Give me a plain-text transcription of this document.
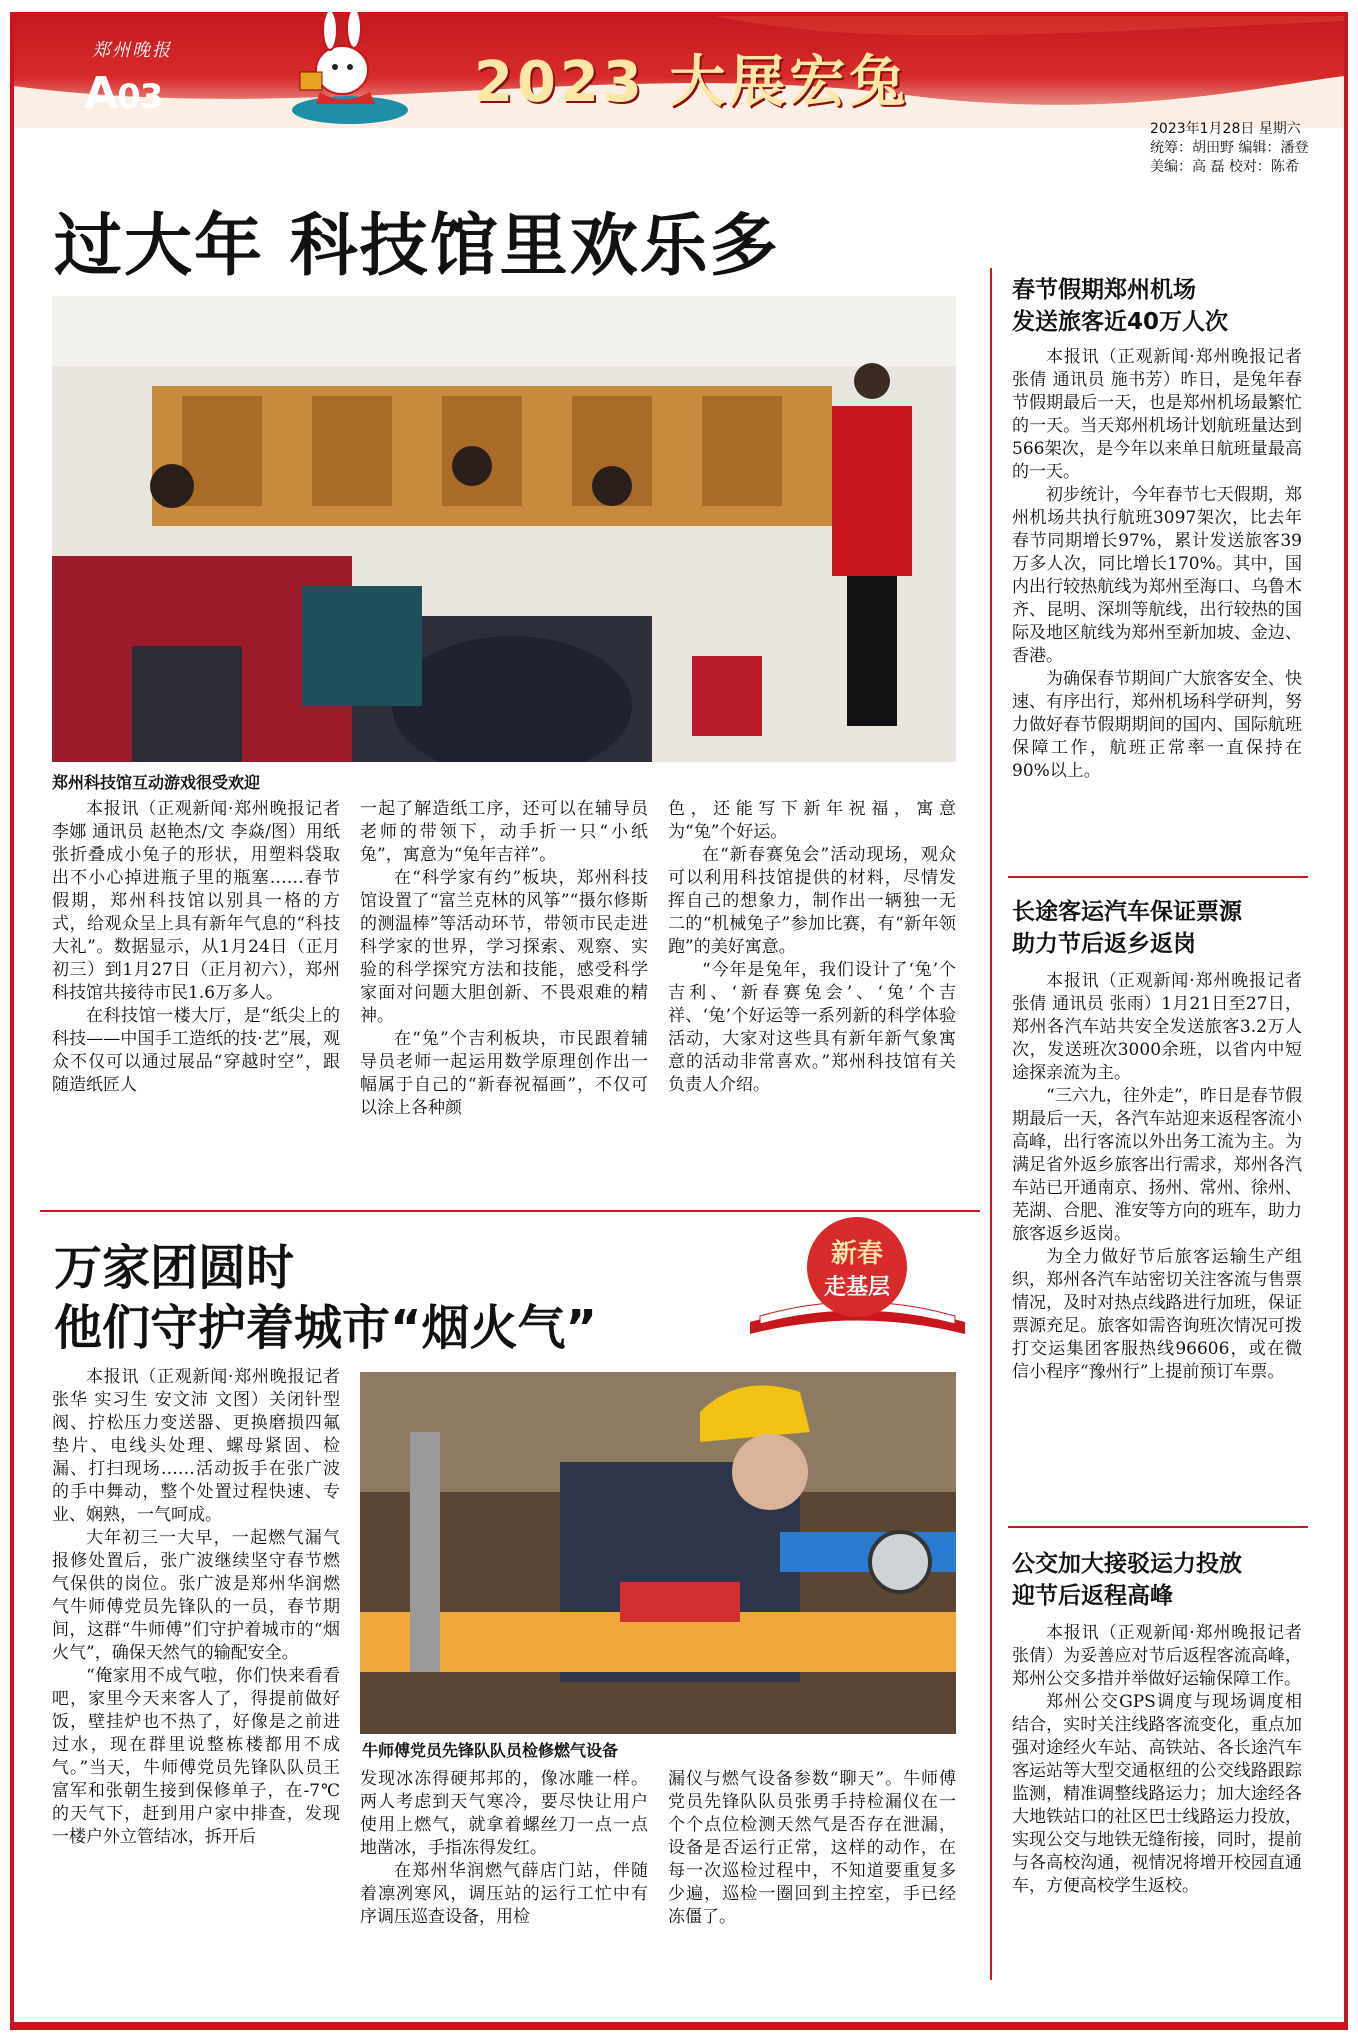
郑州晚报
A03	2023 大展宏兔
2023年1月28日 星期六
统筹：胡田野 编辑：潘登
美编：高 磊 校对：陈希
过大年 科技馆里欢乐多
郑州科技馆互动游戏很受欢迎

本报讯（正观新闻·郑州晚报记者 李娜 通讯员 赵艳杰/文 李焱/图）用纸张折叠成小兔子的形状，用塑料袋取出不小心掉进瓶子里的瓶塞……春节假期，郑州科技馆以别具一格的方式，给观众呈上具有新年气息的“科技大礼”。数据显示，从1月24日（正月初三）到1月27日（正月初六），郑州科技馆共接待市民1.6万多人。

在科技馆一楼大厅，是“纸尖上的科技——中国手工造纸的技·艺”展，观众不仅可以通过展品“穿越时空”，跟随造纸匠人

一起了解造纸工序，还可以在辅导员老师的带领下，动手折一只“小纸兔”，寓意为“兔年吉祥”。

在“科学家有约”板块，郑州科技馆设置了“富兰克林的风筝”“摄尔修斯的测温棒”等活动环节，带领市民走进科学家的世界，学习探索、观察、实验的科学探究方法和技能，感受科学家面对问题大胆创新、不畏艰难的精神。

在“兔”个吉利板块，市民跟着辅导员老师一起运用数学原理创作出一幅属于自己的“新春祝福画”，不仅可以涂上各种颜

色，还能写下新年祝福，寓意为“兔”个好运。

在“新春赛兔会”活动现场，观众可以利用科技馆提供的材料，尽情发挥自己的想象力，制作出一辆独一无二的“机械兔子”参加比赛，有“新年领跑”的美好寓意。

“今年是兔年，我们设计了‘兔’个吉利、‘新春赛兔会’、‘兔’个吉祥、‘兔’个好运等一系列新的科学体验活动，大家对这些具有新年新气象寓意的活动非常喜欢。”郑州科技馆有关负责人介绍。

万家团圆时
他们守护着城市“烟火气”
新春
走基层

本报讯（正观新闻·郑州晚报记者 张华 实习生 安文沛 文图）关闭针型阀、拧松压力变送器、更换磨损四氟垫片、电线头处理、螺母紧固、检漏、打扫现场……活动扳手在张广波的手中舞动，整个处置过程快速、专业、娴熟，一气呵成。

大年初三一大早，一起燃气漏气报修处置后，张广波继续坚守春节燃气保供的岗位。张广波是郑州华润燃气牛师傅党员先锋队的一员，春节期间，这群“牛师傅”们守护着城市的“烟火气”，确保天然气的输配安全。

“俺家用不成气啦，你们快来看看吧，家里今天来客人了，得提前做好饭，壁挂炉也不热了，好像是之前进过水，现在群里说整栋楼都用不成气。”当天，牛师傅党员先锋队队员王富军和张朝生接到保修单子，在-7℃的天气下，赶到用户家中排查，发现一楼户外立管结冰，拆开后

牛师傅党员先锋队队员检修燃气设备

发现冰冻得硬邦邦的，像冰雕一样。两人考虑到天气寒冷，要尽快让用户使用上燃气，就拿着螺丝刀一点一点地凿冰，手指冻得发红。

在郑州华润燃气薛店门站，伴随着凛冽寒风，调压站的运行工忙中有序调压巡查设备，用检

漏仪与燃气设备参数“聊天”。牛师傅党员先锋队队员张勇手持检漏仪在一个个点位检测天然气是否存在泄漏，设备是否运行正常，这样的动作，在每一次巡检过程中，不知道要重复多少遍，巡检一圈回到主控室，手已经冻僵了。

春节假期郑州机场
发送旅客近40万人次

本报讯（正观新闻·郑州晚报记者 张倩 通讯员 施书芳）昨日，是兔年春节假期最后一天，也是郑州机场最繁忙的一天。当天郑州机场计划航班量达到566架次，是今年以来单日航班量最高的一天。

初步统计，今年春节七天假期，郑州机场共执行航班3097架次，比去年春节同期增长97%，累计发送旅客39万多人次，同比增长170%。其中，国内出行较热航线为郑州至海口、乌鲁木齐、昆明、深圳等航线，出行较热的国际及地区航线为郑州至新加坡、金边、香港。

为确保春节期间广大旅客安全、快速、有序出行，郑州机场科学研判，努力做好春节假期期间的国内、国际航班保障工作，航班正常率一直保持在90%以上。

长途客运汽车保证票源
助力节后返乡返岗

本报讯（正观新闻·郑州晚报记者 张倩 通讯员 张雨）1月21日至27日，郑州各汽车站共安全发送旅客3.2万人次，发送班次3000余班，以省内中短途探亲流为主。

“三六九，往外走”，昨日是春节假期最后一天，各汽车站迎来返程客流小高峰，出行客流以外出务工流为主。为满足省外返乡旅客出行需求，郑州各汽车站已开通南京、扬州、常州、徐州、芜湖、合肥、淮安等方向的班车，助力旅客返乡返岗。

为全力做好节后旅客运输生产组织，郑州各汽车站密切关注客流与售票情况，及时对热点线路进行加班，保证票源充足。旅客如需咨询班次情况可拨打交运集团客服热线96606，或在微信小程序“豫州行”上提前预订车票。

公交加大接驳运力投放
迎节后返程高峰

本报讯（正观新闻·郑州晚报记者 张倩）为妥善应对节后返程客流高峰，郑州公交多措并举做好运输保障工作。

郑州公交GPS调度与现场调度相结合，实时关注线路客流变化，重点加强对途经火车站、高铁站、各长途汽车客运站等大型交通枢纽的公交线路跟踪监测，精准调整线路运力；加大途经各大地铁站口的社区巴士线路运力投放，实现公交与地铁无缝衔接，同时，提前与各高校沟通，视情况将增开校园直通车，方便高校学生返校。
